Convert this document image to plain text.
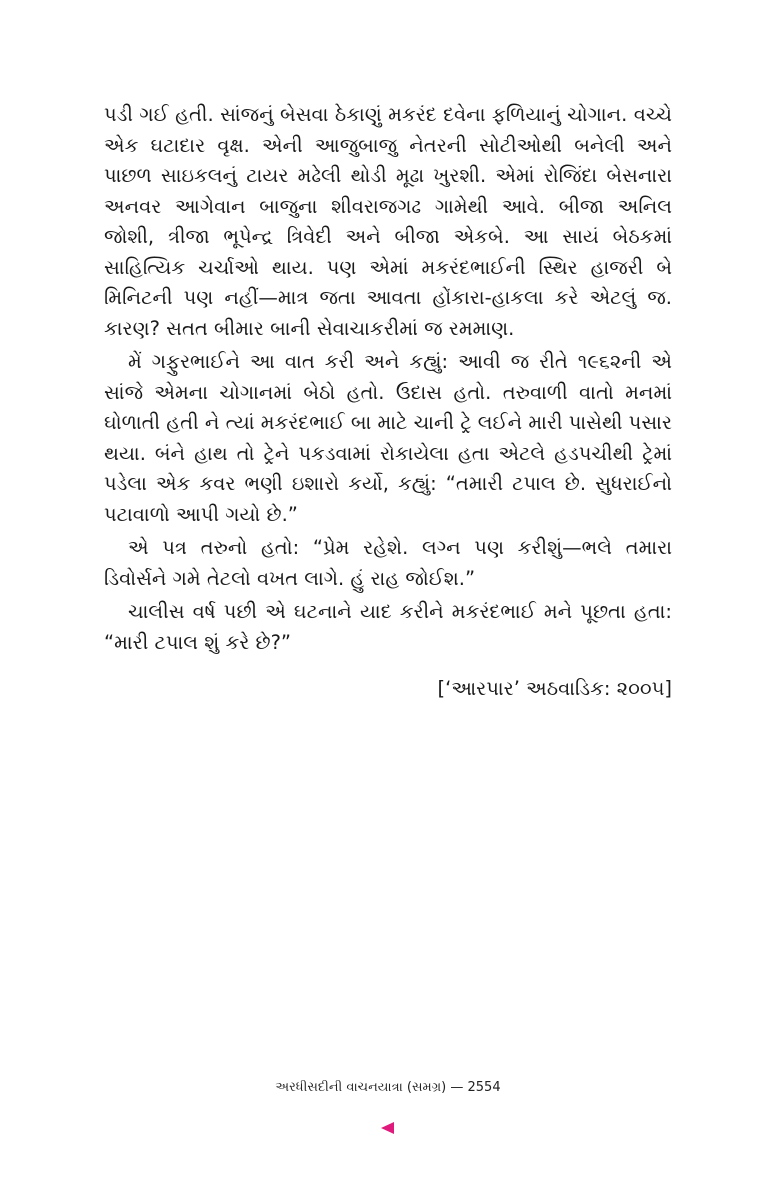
પડી ગઈ હતી. સાંજનું બેસવા ઠેકાણું મકરંદ દવેના ફળિયાનું ચોગાન. વચ્ચે એક ઘટાદાર વૃક્ષ. એની આજુબાજુ નેતરની સોટીઓથી બનેલી અને પાછળ સાઇકલનું ટાયર મઢેલી થોડી મૂઢા ખુરશી. એમાં રોજિંદા બેસનારા અનવર આગેવાન બાજુના શીવરાજગઢ ગામેથી આવે. બીજા અનિલ જોશી, ત્રીજા ભૂપેન્દ્ર ત્રિવેદી અને બીજા એકબે. આ સાયં બેઠકમાં સાહિત્યિક ચર્ચાઓ થાય. પણ એમાં મકરંદભાઈની સ્થિર હાજરી બે મિનિટની પણ નહીં—માત્ર જતા આવતા હોંકારા-હાકલા કરે એટલું જ. કારણ? સતત બીમાર બાની સેવાચાકરીમાં જ રમમાણ.

મેં ગફુરભાઈને આ વાત કરી અને કહ્યું: આવી જ રીતે ૧૯૬૨ની એ સાંજે એમના ચોગાનમાં બેઠો હતો. ઉદાસ હતો. તરુવાળી વાતો મનમાં ઘોળાતી હતી ને ત્યાં મકરંદભાઈ બા માટે ચાની ટ્રે લઈને મારી પાસેથી પસાર થયા. બંને હાથ તો ટ્રેને પકડવામાં રોકાયેલા હતા એટલે હડપચીથી ટ્રેમાં પડેલા એક કવર ભણી ઇશારો કર્યો, કહ્યું: “તમારી ટપાલ છે. સુધરાઈનો પટાવાળો આપી ગયો છે.”

એ પત્ર તરુનો હતો: “પ્રેમ રહેશે. લગ્ન પણ કરીશું—ભલે તમારા ડિવોર્સને ગમે તેટલો વખત લાગે. હું રાહ જોઈશ.”

ચાલીસ વર્ષ પછી એ ઘટનાને યાદ કરીને મકરંદભાઈ મને પૂછતા હતા: “મારી ટપાલ શું કરે છે?”

[‘આરપાર’ અઠવાડિક: ૨૦૦૫]
અરધીસદીની વાચનયાત્રા (સમગ્ર) — 2554
